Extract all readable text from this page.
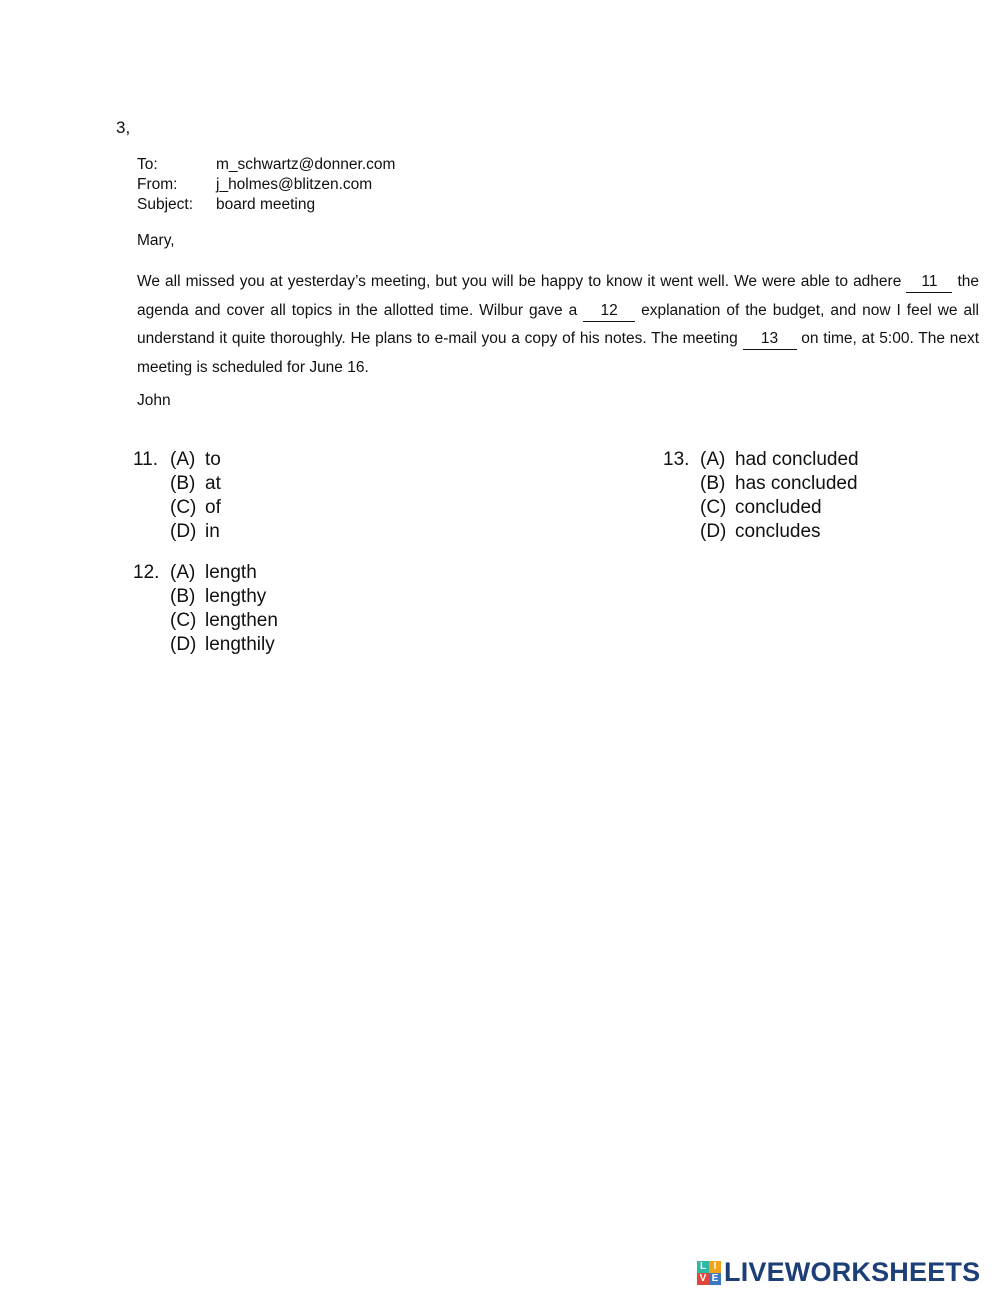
3,
To:	m_schwartz@donner.com
From:	j_holmes@blitzen.com
Subject:	board meeting
Mary,
We all missed you at yesterday’s meeting, but you will be happy to know it went well. We were able to adhere 11 the agenda and cover all topics in the allotted time. Wilbur gave a 12 explanation of the budget, and now I feel we all understand it quite thoroughly. He plans to e-mail you a copy of his notes. The meeting 13 on time, at 5:00. The next meeting is scheduled for June 16.
John
11. (A) to
(B) at
(C) of
(D) in
12. (A) length
(B) lengthy
(C) lengthen
(D) lengthily
13. (A) had concluded
(B) has concluded
(C) concluded
(D) concludes
L I
V E LIVEWORKSHEETS
